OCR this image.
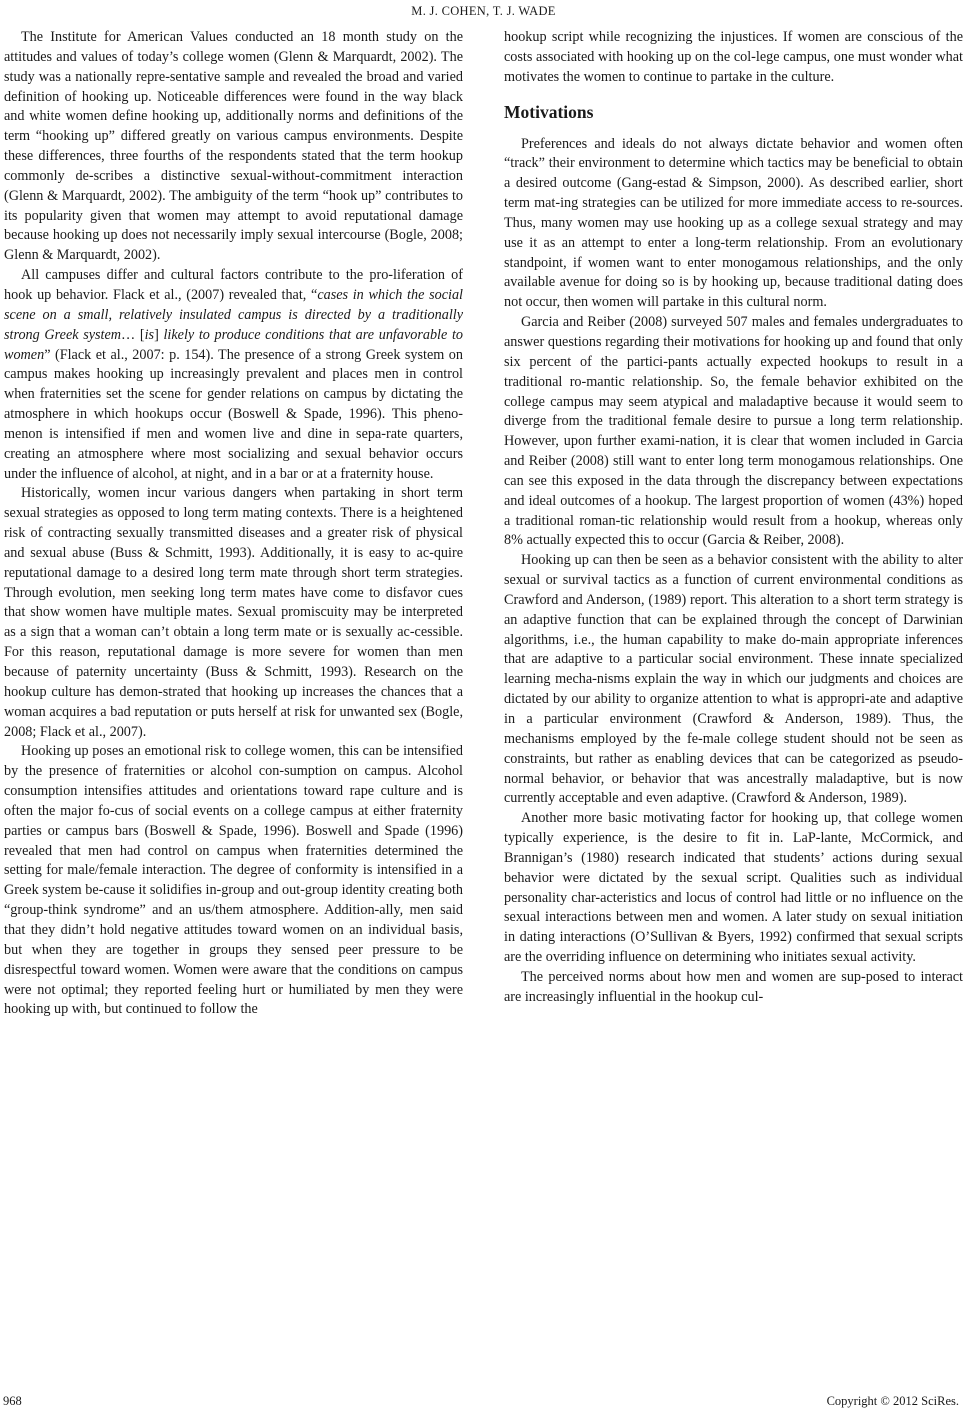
M. J. COHEN, T. J. WADE

The Institute for American Values conducted an 18 month study on the attitudes and values of today’s college women (Glenn & Marquardt, 2002). The study was a nationally repre-sentative sample and revealed the broad and varied definition of hooking up. Noticeable differences were found in the way black and white women define hooking up, additionally norms and definitions of the term “hooking up” differed greatly on various campus environments. Despite these differences, three fourths of the respondents stated that the term hookup commonly de-scribes a distinctive sexual-without-commitment interaction (Glenn & Marquardt, 2002). The ambiguity of the term “hook up” contributes to its popularity given that women may attempt to avoid reputational damage because hooking up does not necessarily imply sexual intercourse (Bogle, 2008; Glenn & Marquardt, 2002).

All campuses differ and cultural factors contribute to the pro-liferation of hook up behavior. Flack et al., (2007) revealed that, “cases in which the social scene on a small, relatively insulated campus is directed by a traditionally strong Greek system… [is] likely to produce conditions that are unfavorable to women” (Flack et al., 2007: p. 154). The presence of a strong Greek system on campus makes hooking up increasingly prevalent and places men in control when fraternities set the scene for gender relations on campus by dictating the atmosphere in which hookups occur (Boswell & Spade, 1996). This pheno-menon is intensified if men and women live and dine in sepa-rate quarters, creating an atmosphere where most socializing and sexual behavior occurs under the influence of alcohol, at night, and in a bar or at a fraternity house.

Historically, women incur various dangers when partaking in short term sexual strategies as opposed to long term mating contexts. There is a heightened risk of contracting sexually transmitted diseases and a greater risk of physical and sexual abuse (Buss & Schmitt, 1993). Additionally, it is easy to ac-quire reputational damage to a desired long term mate through short term strategies. Through evolution, men seeking long term mates have come to disfavor cues that show women have multiple mates. Sexual promiscuity may be interpreted as a sign that a woman can’t obtain a long term mate or is sexually ac-cessible. For this reason, reputational damage is more severe for women than men because of paternity uncertainty (Buss & Schmitt, 1993). Research on the hookup culture has demon-strated that hooking up increases the chances that a woman acquires a bad reputation or puts herself at risk for unwanted sex (Bogle, 2008; Flack et al., 2007).

Hooking up poses an emotional risk to college women, this can be intensified by the presence of fraternities or alcohol con-sumption on campus. Alcohol consumption intensifies attitudes and orientations toward rape culture and is often the major fo-cus of social events on a college campus at either fraternity parties or campus bars (Boswell & Spade, 1996). Boswell and Spade (1996) revealed that men had control on campus when fraternities determined the setting for male/female interaction. The degree of conformity is intensified in a Greek system be-cause it solidifies in-group and out-group identity creating both “group-think syndrome” and an us/them atmosphere. Addition-ally, men said that they didn’t hold negative attitudes toward women on an individual basis, but when they are together in groups they sensed peer pressure to be disrespectful toward women. Women were aware that the conditions on campus were not optimal; they reported feeling hurt or humiliated by men they were hooking up with, but continued to follow the

hookup script while recognizing the injustices. If women are conscious of the costs associated with hooking up on the col-lege campus, one must wonder what motivates the women to continue to partake in the culture.

Motivations

Preferences and ideals do not always dictate behavior and women often “track” their environment to determine which tactics may be beneficial to obtain a desired outcome (Gang-estad & Simpson, 2000). As described earlier, short term mat-ing strategies can be utilized for more immediate access to re-sources. Thus, many women may use hooking up as a college sexual strategy and may use it as an attempt to enter a long-term relationship. From an evolutionary standpoint, if women want to enter monogamous relationships, and the only available avenue for doing so is by hooking up, because traditional dating does not occur, then women will partake in this cultural norm.

Garcia and Reiber (2008) surveyed 507 males and females undergraduates to answer questions regarding their motivations for hooking up and found that only six percent of the partici-pants actually expected hookups to result in a traditional ro-mantic relationship. So, the female behavior exhibited on the college campus may seem atypical and maladaptive because it would seem to diverge from the traditional female desire to pursue a long term relationship. However, upon further exami-nation, it is clear that women included in Garcia and Reiber (2008) still want to enter long term monogamous relationships. One can see this exposed in the data through the discrepancy between expectations and ideal outcomes of a hookup. The largest proportion of women (43%) hoped a traditional roman-tic relationship would result from a hookup, whereas only 8% actually expected this to occur (Garcia & Reiber, 2008).

Hooking up can then be seen as a behavior consistent with the ability to alter sexual or survival tactics as a function of current environmental conditions as Crawford and Anderson, (1989) report. This alteration to a short term strategy is an adaptive function that can be explained through the concept of Darwinian algorithms, i.e., the human capability to make do-main appropriate inferences that are adaptive to a particular social environment. These innate specialized learning mecha-nisms explain the way in which our judgments and choices are dictated by our ability to organize attention to what is appropri-ate and adaptive in a particular environment (Crawford & Anderson, 1989). Thus, the mechanisms employed by the fe-male college student should not be seen as constraints, but rather as enabling devices that can be categorized as pseudo-normal behavior, or behavior that was ancestrally maladaptive, but is now currently acceptable and even adaptive. (Crawford & Anderson, 1989).

Another more basic motivating factor for hooking up, that college women typically experience, is the desire to fit in. LaP-lante, McCormick, and Brannigan’s (1980) research indicated that students’ actions during sexual behavior were dictated by the sexual script. Qualities such as individual personality char-acteristics and locus of control had little or no influence on the sexual interactions between men and women. A later study on sexual initiation in dating interactions (O’Sullivan & Byers, 1992) confirmed that sexual scripts are the overriding influence on determining who initiates sexual activity.

The perceived norms about how men and women are sup-posed to interact are increasingly influential in the hookup cul-

968	Copyright © 2012 SciRes.
